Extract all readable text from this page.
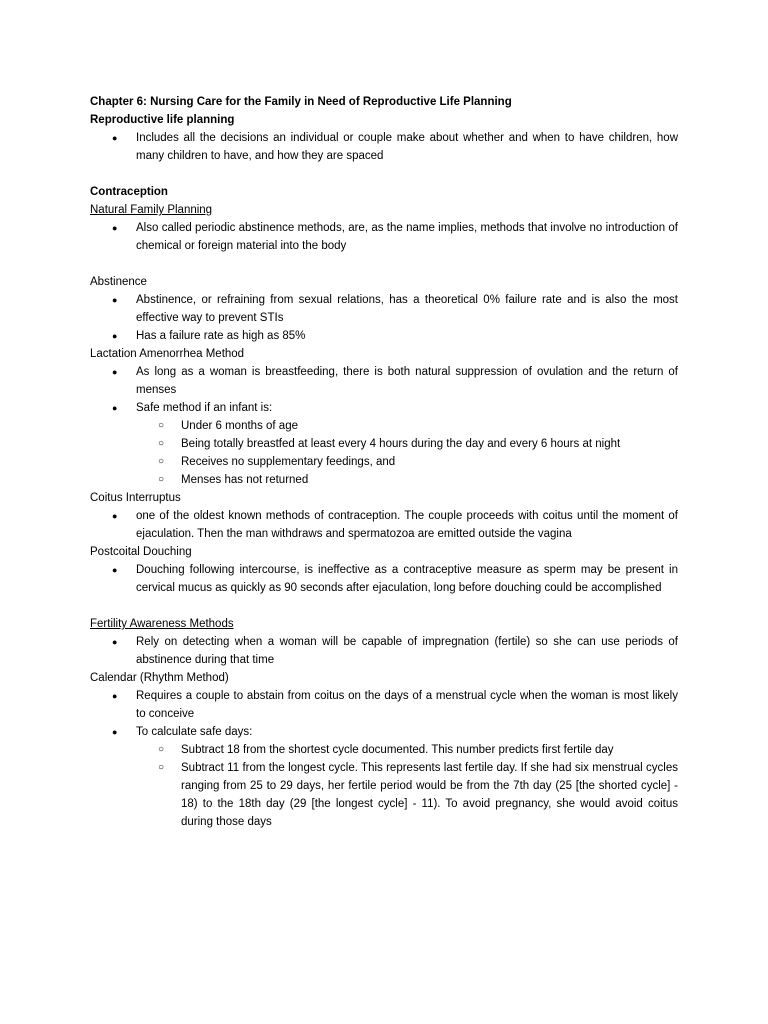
Chapter 6: Nursing Care for the Family in Need of Reproductive Life Planning
Reproductive life planning
● Includes all the decisions an individual or couple make about whether and when to have children, how many children to have, and how they are spaced
Contraception
Natural Family Planning
● Also called periodic abstinence methods, are, as the name implies, methods that involve no introduction of chemical or foreign material into the body
Abstinence
● Abstinence, or refraining from sexual relations, has a theoretical 0% failure rate and is also the most effective way to prevent STIs
● Has a failure rate as high as 85%
Lactation Amenorrhea Method
● As long as a woman is breastfeeding, there is both natural suppression of ovulation and the return of menses
● Safe method if an infant is:
○ Under 6 months of age
○ Being totally breastfed at least every 4 hours during the day and every 6 hours at night
○ Receives no supplementary feedings, and
○ Menses has not returned
Coitus Interruptus
● one of the oldest known methods of contraception. The couple proceeds with coitus until the moment of ejaculation. Then the man withdraws and spermatozoa are emitted outside the vagina
Postcoital Douching
● Douching following intercourse, is ineffective as a contraceptive measure as sperm may be present in cervical mucus as quickly as 90 seconds after ejaculation, long before douching could be accomplished
Fertility Awareness Methods
● Rely on detecting when a woman will be capable of impregnation (fertile) so she can use periods of abstinence during that time
Calendar (Rhythm Method)
● Requires a couple to abstain from coitus on the days of a menstrual cycle when the woman is most likely to conceive
● To calculate safe days:
○ Subtract 18 from the shortest cycle documented. This number predicts first fertile day
○ Subtract 11 from the longest cycle. This represents last fertile day. If she had six menstrual cycles ranging from 25 to 29 days, her fertile period would be from the 7th day (25 [the shorted cycle] - 18) to the 18th day (29 [the longest cycle] - 11). To avoid pregnancy, she would avoid coitus during those days
